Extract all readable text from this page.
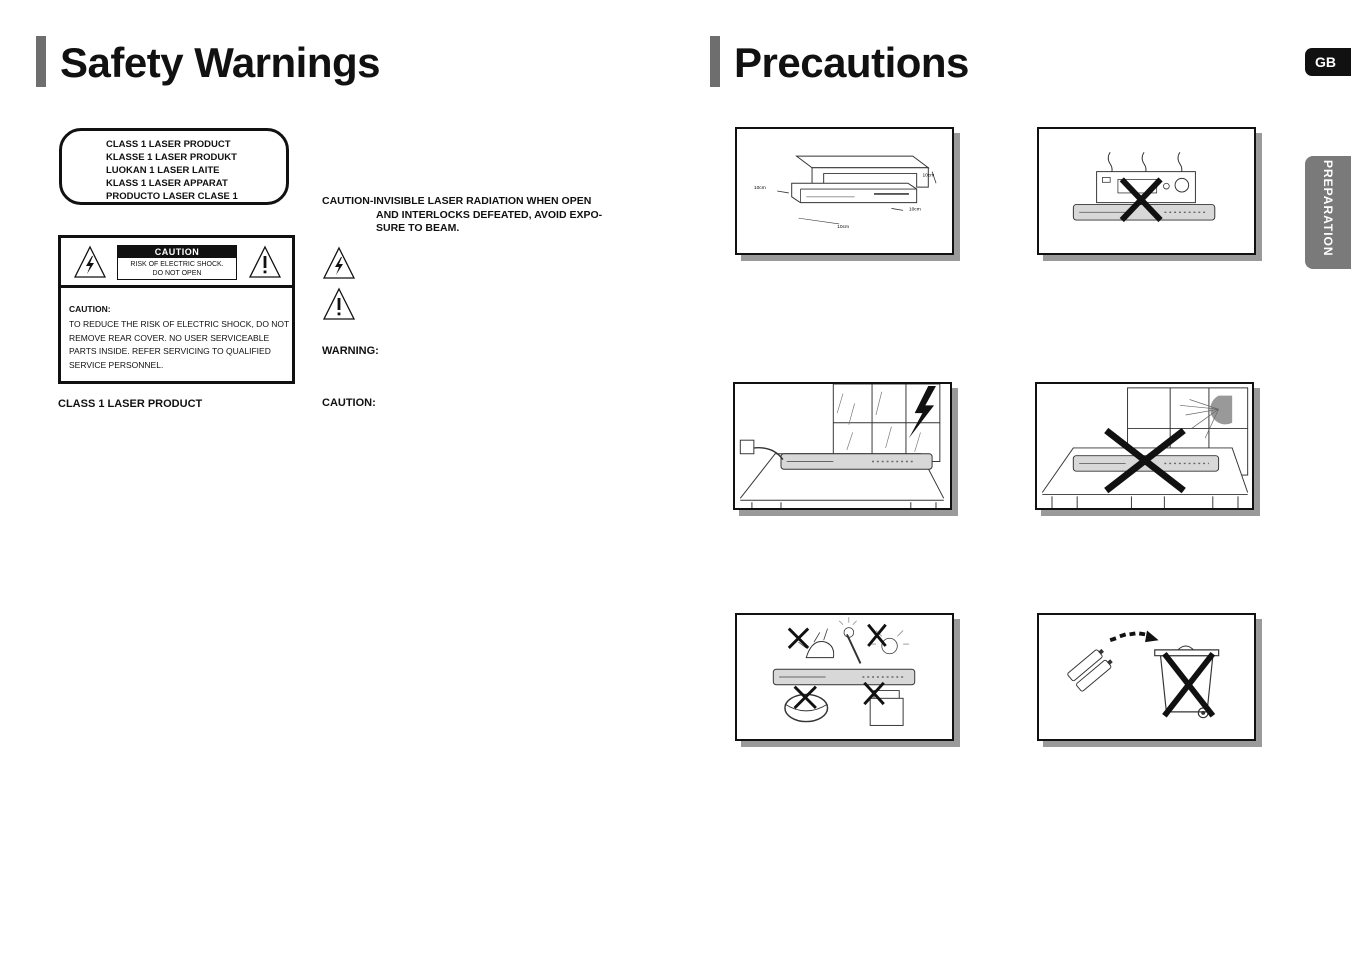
Safety Warnings
CLASS 1 LASER PRODUCT
KLASSE 1 LASER PRODUKT
LUOKAN 1 LASER LAITE
KLASS 1 LASER APPARAT
PRODUCTO LASER CLASE 1
CAUTION
RISK OF ELECTRIC SHOCK.
DO NOT OPEN
CAUTION:
TO REDUCE THE RISK OF ELECTRIC SHOCK, DO NOT REMOVE REAR COVER. NO USER SERVICEABLE PARTS INSIDE. REFER SERVICING TO QUALIFIED SERVICE PERSONNEL.
CLASS 1 LASER PRODUCT
CAUTION-INVISIBLE LASER RADIATION WHEN OPEN
AND INTERLOCKS DEFEATED, AVOID EXPO-
SURE TO BEAM.
WARNING:
CAUTION:
Precautions	GB
PREPARATION
10cm
10cm
10cm
10cm
